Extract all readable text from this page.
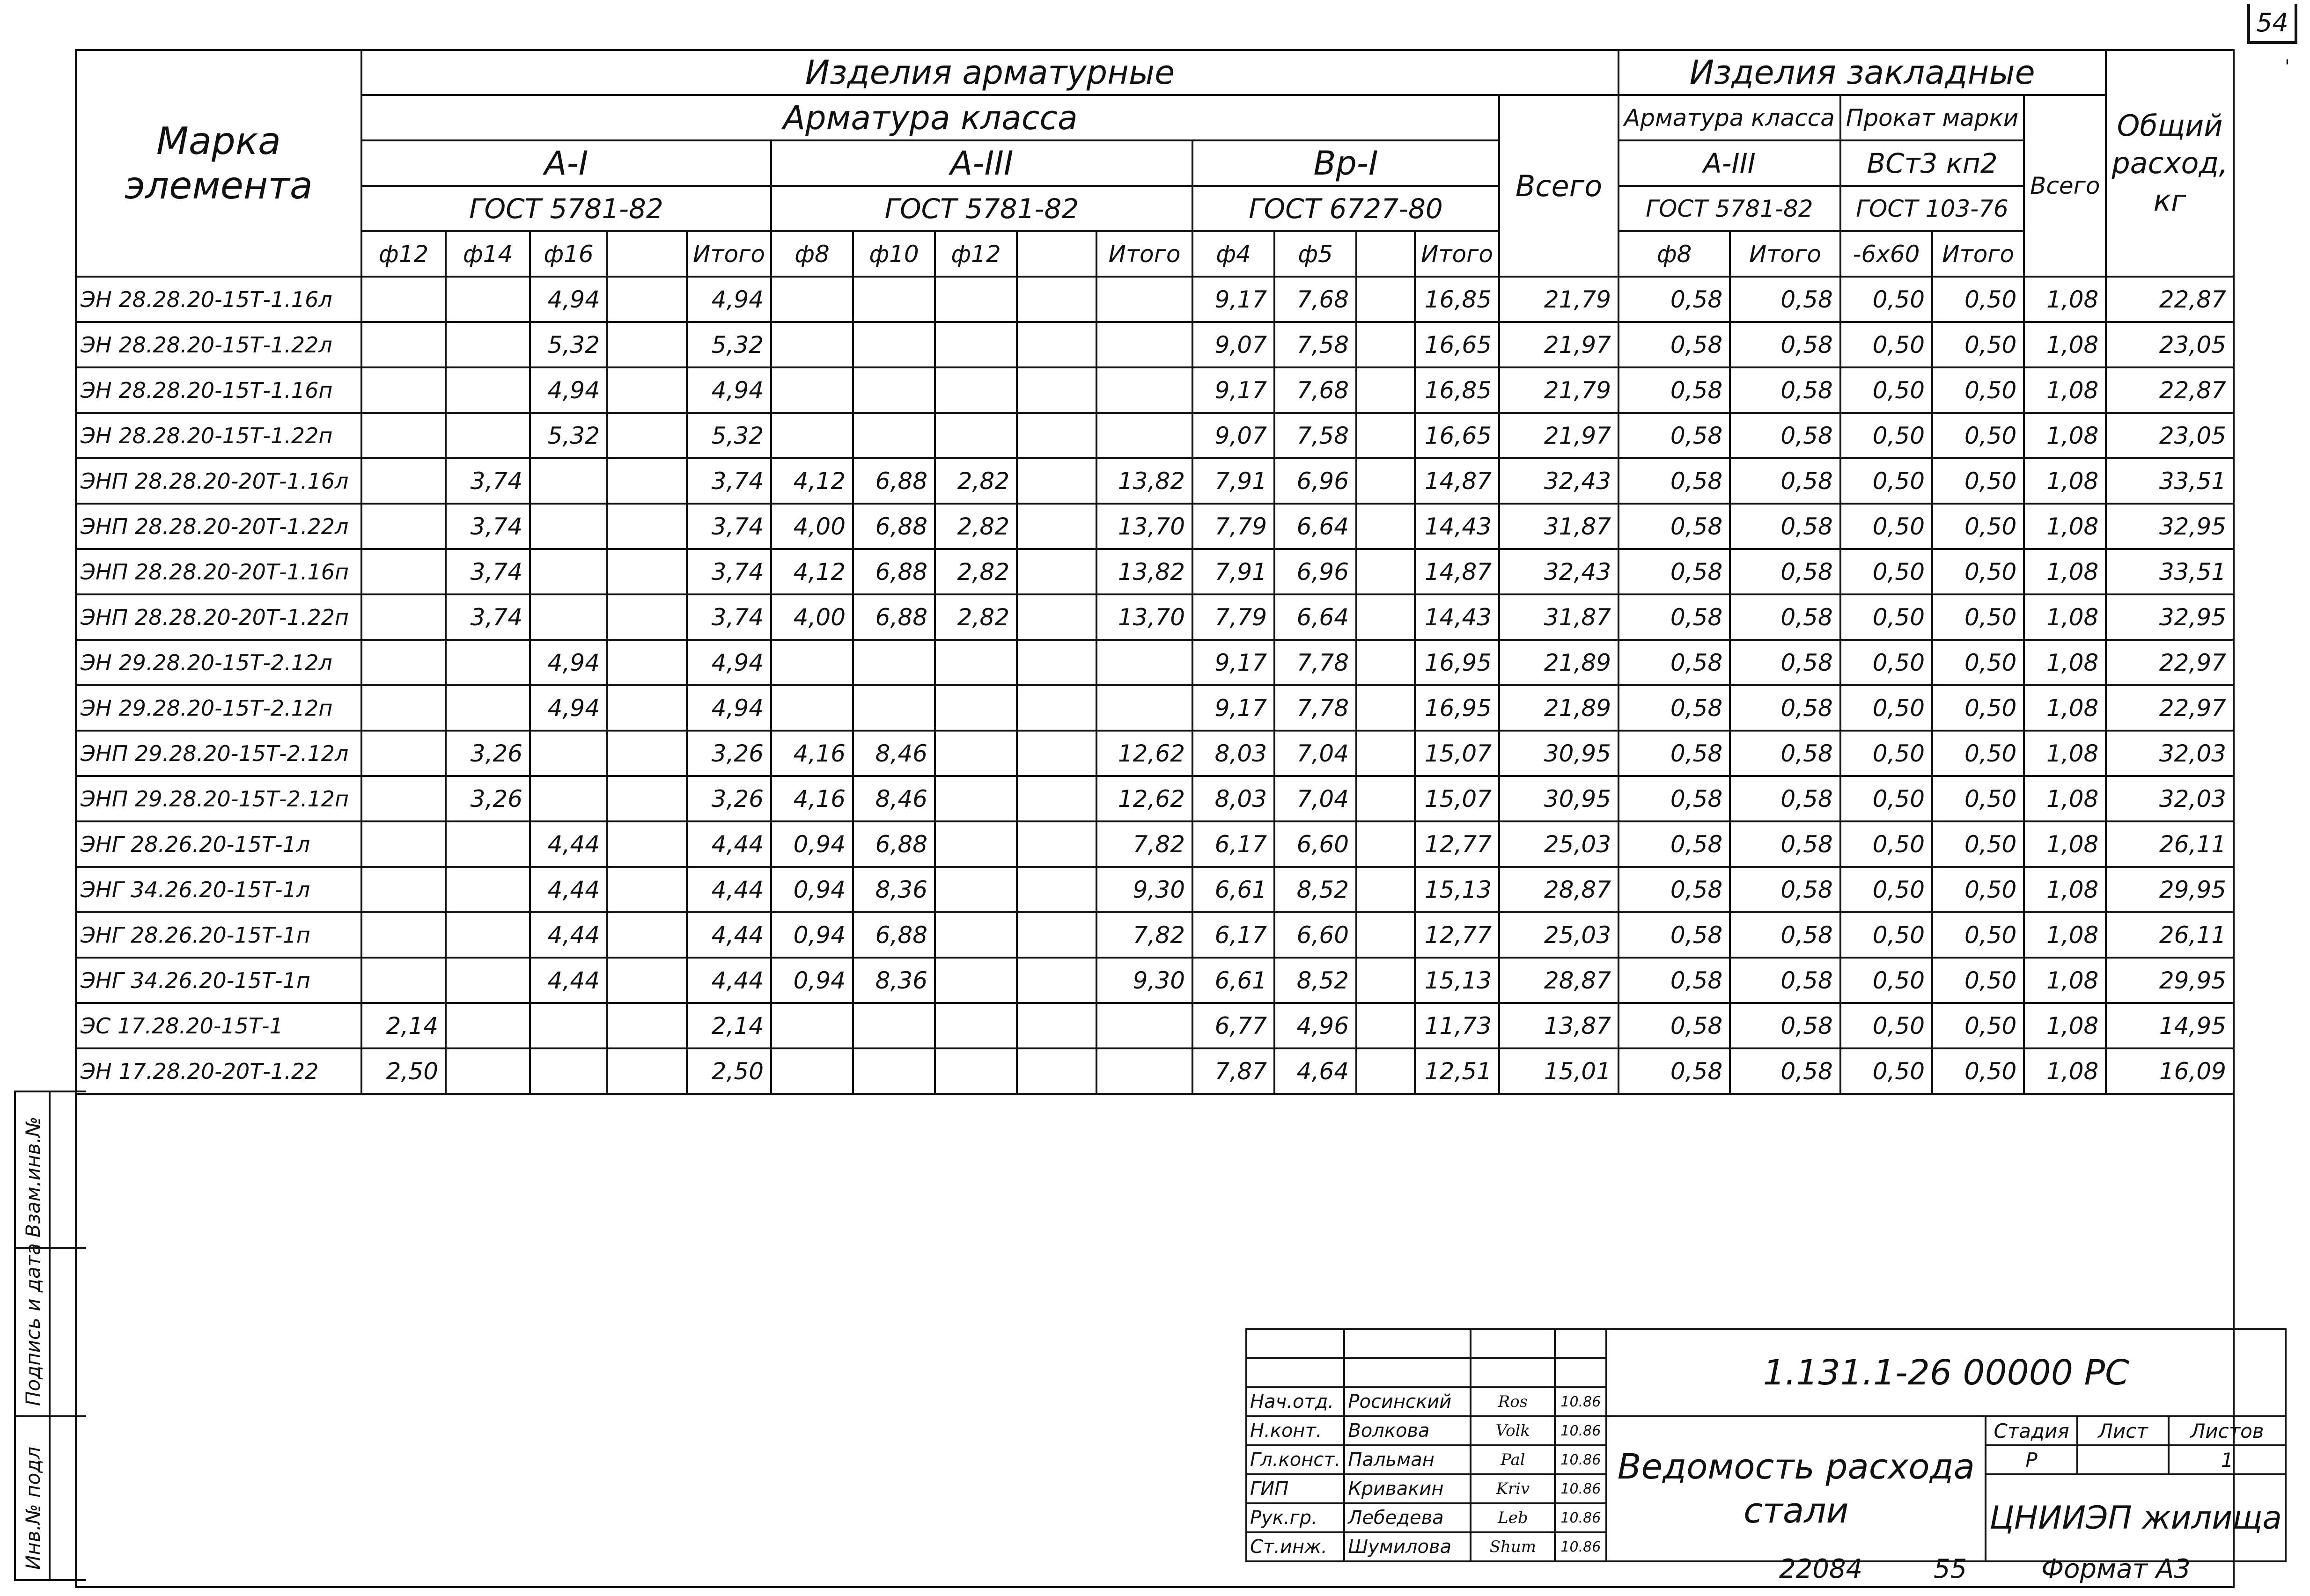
54
'
Марка элемента	Изделия арматурные															Изделия закладные					Общий расход, кг
	Арматура класса														Всего	Арматура класса		Прокат марки		Всего	
	А-I					А-III					Вр-I					А-III		ВСт3 кп2			
	ГОСТ 5781-82					ГОСТ 5781-82					ГОСТ 6727-80					ГОСТ 5781-82		ГОСТ 103-76			
	ф12	ф14	ф16		Итого	ф8	ф10	ф12		Итого	ф4	ф5		Итого		ф8	Итого	-6х60	Итого		
ЭН 28.28.20-15Т-1.16л			4,94		4,94						9,17	7,68		16,85	21,79	0,58	0,58	0,50	0,50	1,08	22,87
ЭН 28.28.20-15Т-1.22л			5,32		5,32						9,07	7,58		16,65	21,97	0,58	0,58	0,50	0,50	1,08	23,05
ЭН 28.28.20-15Т-1.16п			4,94		4,94						9,17	7,68		16,85	21,79	0,58	0,58	0,50	0,50	1,08	22,87
ЭН 28.28.20-15Т-1.22п			5,32		5,32						9,07	7,58		16,65	21,97	0,58	0,58	0,50	0,50	1,08	23,05
ЭНП 28.28.20-20Т-1.16л		3,74			3,74	4,12	6,88	2,82		13,82	7,91	6,96		14,87	32,43	0,58	0,58	0,50	0,50	1,08	33,51
ЭНП 28.28.20-20Т-1.22л		3,74			3,74	4,00	6,88	2,82		13,70	7,79	6,64		14,43	31,87	0,58	0,58	0,50	0,50	1,08	32,95
ЭНП 28.28.20-20Т-1.16п		3,74			3,74	4,12	6,88	2,82		13,82	7,91	6,96		14,87	32,43	0,58	0,58	0,50	0,50	1,08	33,51
ЭНП 28.28.20-20Т-1.22п		3,74			3,74	4,00	6,88	2,82		13,70	7,79	6,64		14,43	31,87	0,58	0,58	0,50	0,50	1,08	32,95
ЭН 29.28.20-15Т-2.12л			4,94		4,94						9,17	7,78		16,95	21,89	0,58	0,58	0,50	0,50	1,08	22,97
ЭН 29.28.20-15Т-2.12п			4,94		4,94						9,17	7,78		16,95	21,89	0,58	0,58	0,50	0,50	1,08	22,97
ЭНП 29.28.20-15Т-2.12л		3,26			3,26	4,16	8,46			12,62	8,03	7,04		15,07	30,95	0,58	0,58	0,50	0,50	1,08	32,03
ЭНП 29.28.20-15Т-2.12п		3,26			3,26	4,16	8,46			12,62	8,03	7,04		15,07	30,95	0,58	0,58	0,50	0,50	1,08	32,03
ЭНГ 28.26.20-15Т-1л			4,44		4,44	0,94	6,88			7,82	6,17	6,60		12,77	25,03	0,58	0,58	0,50	0,50	1,08	26,11
ЭНГ 34.26.20-15Т-1л			4,44		4,44	0,94	8,36			9,30	6,61	8,52		15,13	28,87	0,58	0,58	0,50	0,50	1,08	29,95
ЭНГ 28.26.20-15Т-1п			4,44		4,44	0,94	6,88			7,82	6,17	6,60		12,77	25,03	0,58	0,58	0,50	0,50	1,08	26,11
ЭНГ 34.26.20-15Т-1п			4,44		4,44	0,94	8,36			9,30	6,61	8,52		15,13	28,87	0,58	0,58	0,50	0,50	1,08	29,95
ЭС 17.28.20-15Т-1	2,14				2,14						6,77	4,96		11,73	13,87	0,58	0,58	0,50	0,50	1,08	14,95
ЭН 17.28.20-20Т-1.22	2,50				2,50						7,87	4,64		12,51	15,01	0,58	0,58	0,50	0,50	1,08	16,09

Взам.инв.№
Подпись и дата
Инв.№ подл
				1.131.1-26 00000 РС			

Нач.отд.	Росинский	Ros	10.86				
Н.конт.	Волкова	Volk	10.86	Ведомость расхода стали	Стадия	Лист	Листов
Гл.конст.	Пальман	Pal	10.86		Р		1
ГИП	Кривакин	Kriv	10.86		ЦНИИЭП жилища		
Рук.гр.	Лебедева	Leb	10.86				
Ст.инж.	Шумилова	Shum	10.86				
22084	55	Формат А3
